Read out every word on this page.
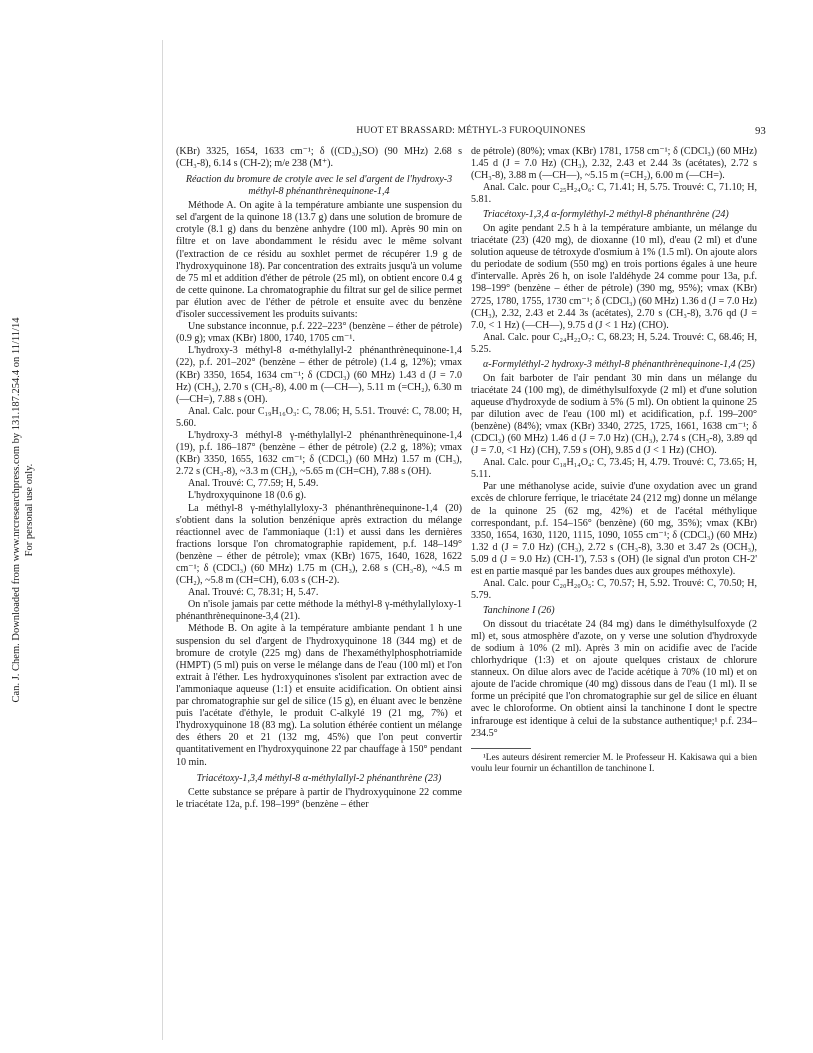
Can. J. Chem. Downloaded from www.nrcresearchpress.com by 131.187.254.4 on 11/11/14 For personal use only.
HUOT ET BRASSARD: MÉTHYL-3 FUROQUINONES	93

(KBr) 3325, 1654, 1633 cm⁻¹; δ ((CD₃)₂SO) (90 MHz) 2.68 s (CH₃-8), 6.14 s (CH-2); m/e 238 (M⁺).

Réaction du bromure de crotyle avec le sel d'argent de l'hydroxy-3 méthyl-8 phénanthrènequinone-1,4

Méthode A. On agite à la température ambiante une suspension du sel d'argent de la quinone 18 (13.7 g) dans une solution de bromure de crotyle (8.1 g) dans du benzène anhydre (100 ml). Après 90 min on filtre et on lave abondamment le résidu avec le même solvant (l'extraction de ce résidu au soxhlet permet de récupérer 1.9 g de l'hydroxyquinone 18). Par concentration des extraits jusqu'à un volume de 75 ml et addition d'éther de pétrole (25 ml), on obtient encore 0.4 g de cette quinone. La chromatographie du filtrat sur gel de silice permet par élution avec de l'éther de pétrole et ensuite avec du benzène d'isoler successivement les produits suivants:

Une substance inconnue, p.f. 222–223° (benzène – éther de pétrole) (0.9 g); νmax (KBr) 1800, 1740, 1705 cm⁻¹.

L'hydroxy-3 méthyl-8 α-méthylallyl-2 phénanthrènequinone-1,4 (22), p.f. 201–202° (benzène – éther de pétrole) (1.4 g, 12%); νmax (KBr) 3350, 1654, 1634 cm⁻¹; δ (CDCl₃) (60 MHz) 1.43 d (J = 7.0 Hz) (CH₃), 2.70 s (CH₃-8), 4.00 m (—CH—), 5.11 m (=CH₂), 6.30 m (—CH=), 7.88 s (OH).

Anal. Calc. pour C₁₉H₁₆O₃: C, 78.06; H, 5.51. Trouvé: C, 78.00; H, 5.60.

L'hydroxy-3 méthyl-8 γ-méthylallyl-2 phénanthrènequinone-1,4 (19), p.f. 186–187° (benzène – éther de pétrole) (2.2 g, 18%); νmax (KBr) 3350, 1655, 1632 cm⁻¹; δ (CDCl₃) (60 MHz) 1.57 m (CH₃), 2.72 s (CH₃-8), ~3.3 m (CH₂), ~5.65 m (CH=CH), 7.88 s (OH).

Anal. Trouvé: C, 77.59; H, 5.49.

L'hydroxyquinone 18 (0.6 g).

La méthyl-8 γ-méthylallyloxy-3 phénanthrènequinone-1,4 (20) s'obtient dans la solution benzénique après extraction du mélange réactionnel avec de l'ammoniaque (1:1) et aussi dans les dernières fractions lorsque l'on chromatographie rapidement, p.f. 148–149° (benzène – éther de pétrole); νmax (KBr) 1675, 1640, 1628, 1622 cm⁻¹; δ (CDCl₃) (60 MHz) 1.75 m (CH₃), 2.68 s (CH₃-8), ~4.5 m (CH₂), ~5.8 m (CH=CH), 6.03 s (CH-2).

Anal. Trouvé: C, 78.31; H, 5.47.

On n'isole jamais par cette méthode la méthyl-8 γ-méthylallyloxy-1 phénanthrènequinone-3,4 (21).

Méthode B. On agite à la température ambiante pendant 1 h une suspension du sel d'argent de l'hydroxyquinone 18 (344 mg) et de bromure de crotyle (225 mg) dans de l'hexaméthylphosphotriamide (HMPT) (5 ml) puis on verse le mélange dans de l'eau (100 ml) et l'on extrait à l'éther. Les hydroxyquinones s'isolent par extraction avec de l'ammoniaque aqueuse (1:1) et ensuite acidification. On obtient ainsi par chromatographie sur gel de silice (15 g), en éluant avec le benzène puis l'acétate d'éthyle, le produit C-alkylé 19 (21 mg, 7%) et l'hydroxyquinone 18 (83 mg). La solution éthérée contient un mélange des éthers 20 et 21 (132 mg, 45%) que l'on peut convertir quantitativement en l'hydroxyquinone 22 par chauffage à 150° pendant 10 min.

Triacétoxy-1,3,4 méthyl-8 α-méthylallyl-2 phénanthrène (23)

Cette substance se prépare à partir de l'hydroxyquinone 22 comme le triacétate 12a, p.f. 198–199° (benzène – éther

de pétrole) (80%); νmax (KBr) 1781, 1758 cm⁻¹; δ (CDCl₃) (60 MHz) 1.45 d (J = 7.0 Hz) (CH₃), 2.32, 2.43 et 2.44 3s (acétates), 2.72 s (CH₃-8), 3.88 m (—CH—), ~5.15 m (=CH₂), 6.00 m (—CH=).

Anal. Calc. pour C₂₅H₂₄O₆: C, 71.41; H, 5.75. Trouvé: C, 71.10; H, 5.81.

Triacétoxy-1,3,4 α-formyléthyl-2 méthyl-8 phénanthrène (24)

On agite pendant 2.5 h à la température ambiante, un mélange du triacétate (23) (420 mg), de dioxanne (10 ml), d'eau (2 ml) et d'une solution aqueuse de tétroxyde d'osmium à 1% (1.5 ml). On ajoute alors du periodate de sodium (550 mg) en trois portions égales à une heure d'intervalle. Après 26 h, on isole l'aldéhyde 24 comme pour 13a, p.f. 198–199° (benzène – éther de pétrole) (390 mg, 95%); νmax (KBr) 2725, 1780, 1755, 1730 cm⁻¹; δ (CDCl₃) (60 MHz) 1.36 d (J = 7.0 Hz) (CH₃), 2.32, 2.43 et 2.44 3s (acétates), 2.70 s (CH₃-8), 3.76 qd (J = 7.0, < 1 Hz) (—CH—), 9.75 d (J < 1 Hz) (CHO).

Anal. Calc. pour C₂₄H₂₂O₇: C, 68.23; H, 5.24. Trouvé: C, 68.46; H, 5.25.

α-Formyléthyl-2 hydroxy-3 méthyl-8 phénanthrènequinone-1,4 (25)

On fait barboter de l'air pendant 30 min dans un mélange du triacétate 24 (100 mg), de diméthylsulfoxyde (2 ml) et d'une solution aqueuse d'hydroxyde de sodium à 5% (5 ml). On obtient la quinone 25 par dilution avec de l'eau (100 ml) et acidification, p.f. 199–200° (benzène) (84%); νmax (KBr) 3340, 2725, 1725, 1661, 1638 cm⁻¹; δ (CDCl₃) (60 MHz) 1.46 d (J = 7.0 Hz) (CH₃), 2.74 s (CH₃-8), 3.89 qd (J = 7.0, <1 Hz) (CH), 7.59 s (OH), 9.85 d (J < 1 Hz) (CHO).

Anal. Calc. pour C₁₈H₁₄O₄: C, 73.45; H, 4.79. Trouvé: C, 73.65; H, 5.11.

Par une méthanolyse acide, suivie d'une oxydation avec un grand excès de chlorure ferrique, le triacétate 24 (212 mg) donne un mélange de la quinone 25 (62 mg, 42%) et de l'acétal méthylique correspondant, p.f. 154–156° (benzène) (60 mg, 35%); νmax (KBr) 3350, 1654, 1630, 1120, 1115, 1090, 1055 cm⁻¹; δ (CDCl₃) (60 MHz) 1.32 d (J = 7.0 Hz) (CH₃), 2.72 s (CH₃-8), 3.30 et 3.47 2s (OCH₃), 5.09 d (J = 9.0 Hz) (CH-1'), 7.53 s (OH) (le signal d'un proton CH-2' est en partie masqué par les bandes dues aux groupes méthoxyle).

Anal. Calc. pour C₂₀H₂₀O₅: C, 70.57; H, 5.92. Trouvé: C, 70.50; H, 5.79.

Tanchinone I (26)

On dissout du triacétate 24 (84 mg) dans le diméthylsulfoxyde (2 ml) et, sous atmosphère d'azote, on y verse une solution d'hydroxyde de sodium à 10% (2 ml). Après 3 min on acidifie avec de l'acide chlorhydrique (1:3) et on ajoute quelques cristaux de chlorure stanneux. On dilue alors avec de l'acide acétique à 70% (10 ml) et on ajoute de l'acide chromique (40 mg) dissous dans de l'eau (1 ml). Il se forme un précipité que l'on chromatographie sur gel de silice en éluant avec le chloroforme. On obtient ainsi la tanchinone I dont le spectre infrarouge est identique à celui de la substance authentique;¹ p.f. 234–234.5°

¹Les auteurs désirent remercier M. le Professeur H. Kakisawa qui a bien voulu leur fournir un échantillon de tanchinone I.
